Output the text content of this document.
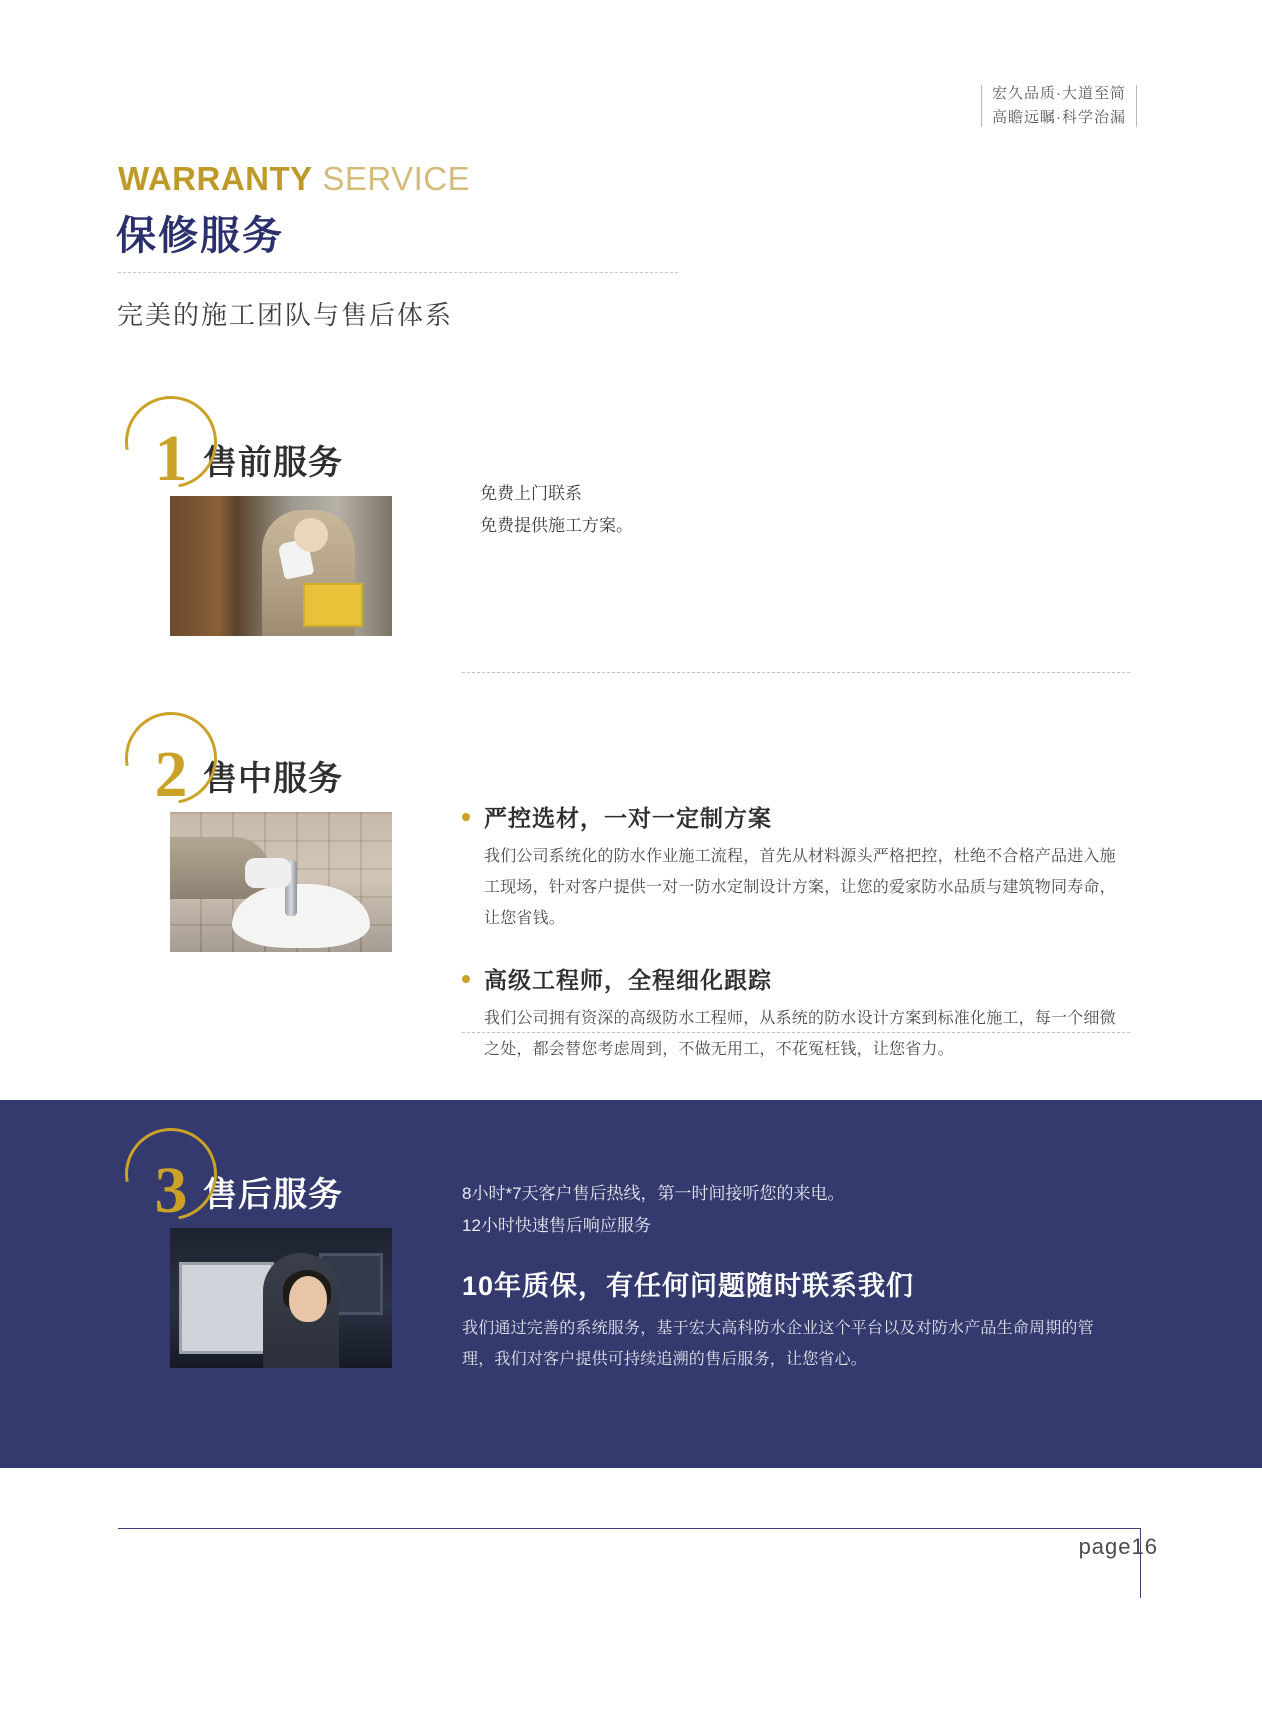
宏久品质·大道至简
高瞻远瞩·科学治漏
WARRANTY SERVICE
保修服务
完美的施工团队与售后体系
1 售前服务
免费上门联系
免费提供施工方案。
2 售中服务
严控选材，一对一定制方案
我们公司系统化的防水作业施工流程，首先从材料源头严格把控，杜绝不合格产品进入施工现场，针对客户提供一对一防水定制设计方案，让您的爱家防水品质与建筑物同寿命，让您省钱。
高级工程师，全程细化跟踪
我们公司拥有资深的高级防水工程师，从系统的防水设计方案到标准化施工，每一个细微之处，都会替您考虑周到，不做无用工，不花冤枉钱，让您省力。
3 售后服务	8小时*7天客户售后热线，第一时间接听您的来电。
12小时快速售后响应服务
10年质保，有任何问题随时联系我们
我们通过完善的系统服务，基于宏大高科防水企业这个平台以及对防水产品生命周期的管理，我们对客户提供可持续追溯的售后服务，让您省心。
page16
